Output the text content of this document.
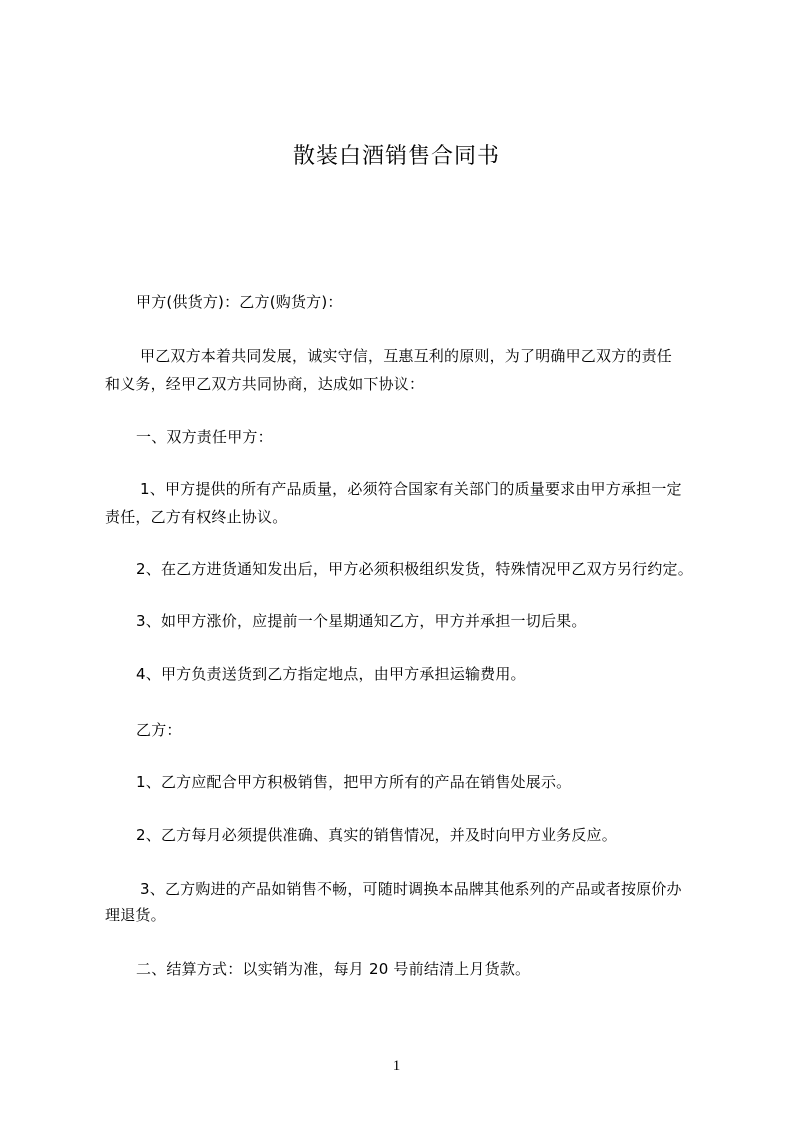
散装白酒销售合同书
甲方(供货方)：乙方(购货方)：
甲乙双方本着共同发展，诚实守信，互惠互利的原则，为了明确甲乙双方的责任
和义务，经甲乙双方共同协商，达成如下协议：
一、双方责任甲方：
1、甲方提供的所有产品质量，必须符合国家有关部门的质量要求由甲方承担一定
责任，乙方有权终止协议。
2、在乙方进货通知发出后，甲方必须积极组织发货，特殊情况甲乙双方另行约定。
3、如甲方涨价，应提前一个星期通知乙方，甲方并承担一切后果。
4、甲方负责送货到乙方指定地点，由甲方承担运输费用。
乙方：
1、乙方应配合甲方积极销售，把甲方所有的产品在销售处展示。
2、乙方每月必须提供准确、真实的销售情况，并及时向甲方业务反应。
3、乙方购进的产品如销售不畅，可随时调换本品牌其他系列的产品或者按原价办
理退货。
二、结算方式：以实销为准，每月 20 号前结清上月货款。
1
